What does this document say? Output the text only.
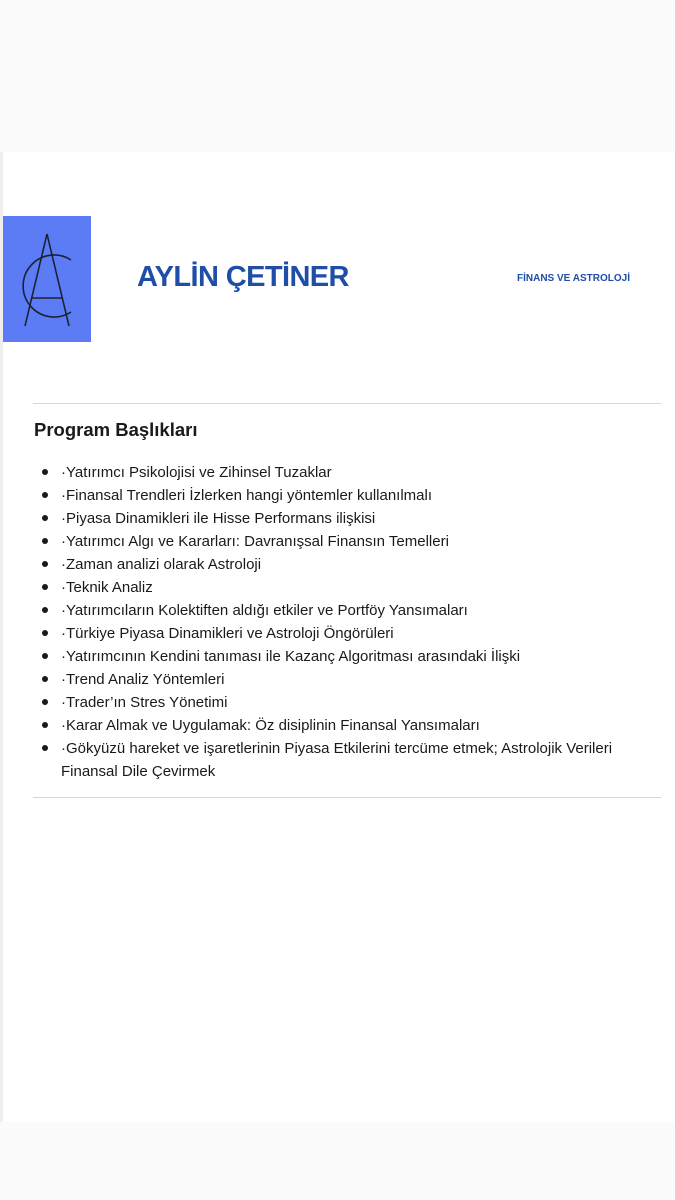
AYLİN ÇETİNER	FİNANS VE ASTROLOJİ
Program Başlıkları
·Yatırımcı Psikolojisi ve Zihinsel Tuzaklar
·Finansal Trendleri İzlerken hangi yöntemler kullanılmalı
·Piyasa Dinamikleri ile Hisse Performans ilişkisi
·Yatırımcı Algı ve Kararları: Davranışsal Finansın Temelleri
·Zaman analizi olarak Astroloji
·Teknik Analiz
·Yatırımcıların Kolektiften aldığı etkiler ve Portföy Yansımaları
·Türkiye Piyasa Dinamikleri ve Astroloji Öngörüleri
·Yatırımcının Kendini tanıması ile Kazanç Algoritması arasındaki İlişki
·Trend Analiz Yöntemleri
·Trader’ın Stres Yönetimi
·Karar Almak ve Uygulamak: Öz disiplinin Finansal Yansımaları
·Gökyüzü hareket ve işaretlerinin Piyasa Etkilerini tercüme etmek; Astrolojik Verileri Finansal Dile Çevirmek
